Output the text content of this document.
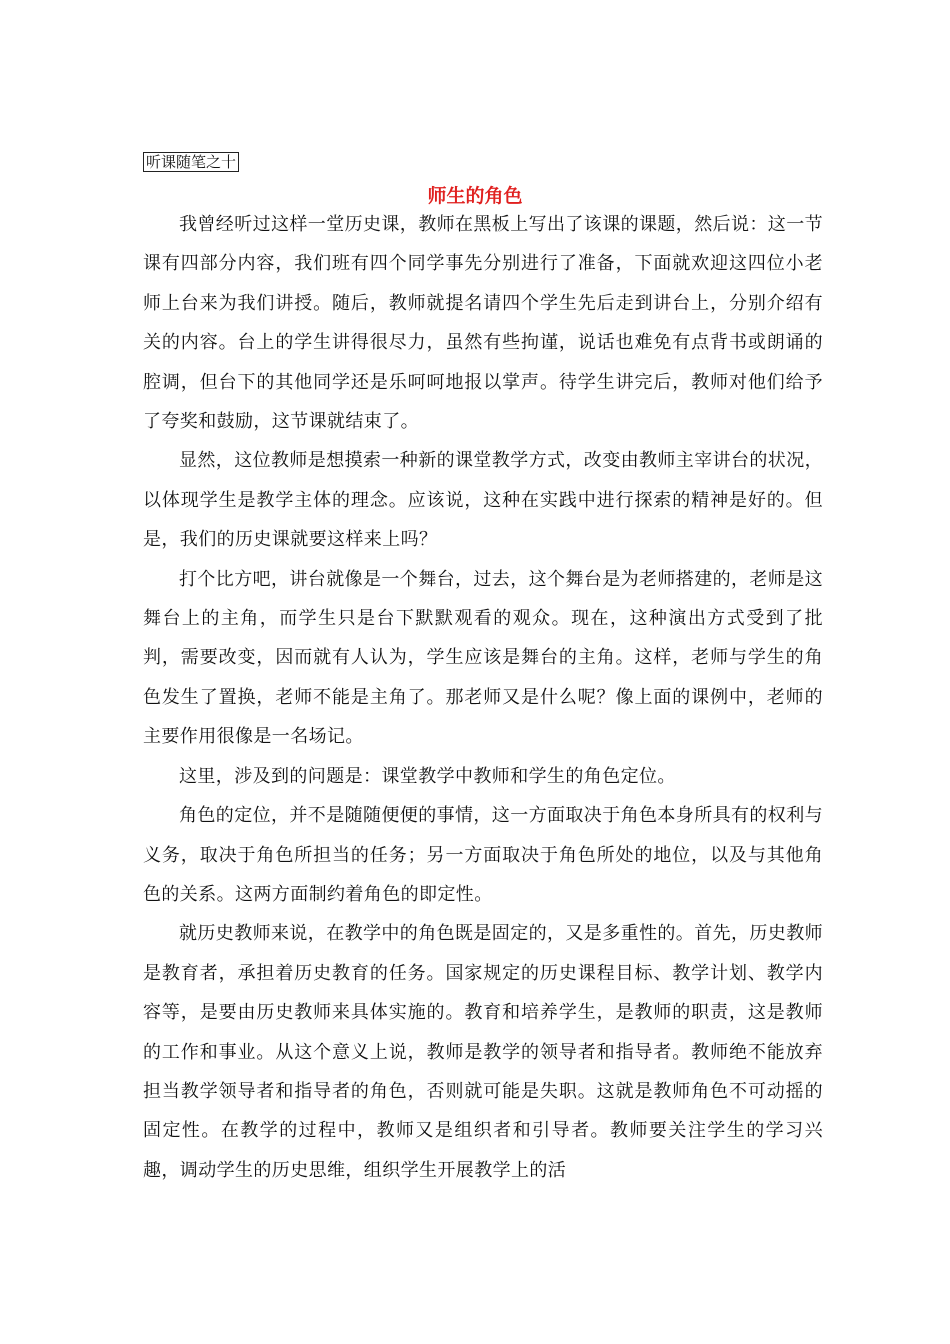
听课随笔之十
师生的角色

我曾经听过这样一堂历史课，教师在黑板上写出了该课的课题，然后说：这一节课有四部分内容，我们班有四个同学事先分别进行了准备，下面就欢迎这四位小老师上台来为我们讲授。随后，教师就提名请四个学生先后走到讲台上，分别介绍有关的内容。台上的学生讲得很尽力，虽然有些拘谨，说话也难免有点背书或朗诵的腔调，但台下的其他同学还是乐呵呵地报以掌声。待学生讲完后，教师对他们给予了夸奖和鼓励，这节课就结束了。

显然，这位教师是想摸索一种新的课堂教学方式，改变由教师主宰讲台的状况，以体现学生是教学主体的理念。应该说，这种在实践中进行探索的精神是好的。但是，我们的历史课就要这样来上吗？

打个比方吧，讲台就像是一个舞台，过去，这个舞台是为老师搭建的，老师是这舞台上的主角，而学生只是台下默默观看的观众。现在，这种演出方式受到了批判，需要改变，因而就有人认为，学生应该是舞台的主角。这样，老师与学生的角色发生了置换，老师不能是主角了。那老师又是什么呢？像上面的课例中，老师的主要作用很像是一名场记。

这里，涉及到的问题是：课堂教学中教师和学生的角色定位。

角色的定位，并不是随随便便的事情，这一方面取决于角色本身所具有的权利与义务，取决于角色所担当的任务；另一方面取决于角色所处的地位，以及与其他角色的关系。这两方面制约着角色的即定性。

就历史教师来说，在教学中的角色既是固定的，又是多重性的。首先，历史教师是教育者，承担着历史教育的任务。国家规定的历史课程目标、教学计划、教学内容等，是要由历史教师来具体实施的。教育和培养学生，是教师的职责，这是教师的工作和事业。从这个意义上说，教师是教学的领导者和指导者。教师绝不能放弃担当教学领导者和指导者的角色，否则就可能是失职。这就是教师角色不可动摇的固定性。在教学的过程中，教师又是组织者和引导者。教师要关注学生的学习兴趣，调动学生的历史思维，组织学生开展教学上的活
